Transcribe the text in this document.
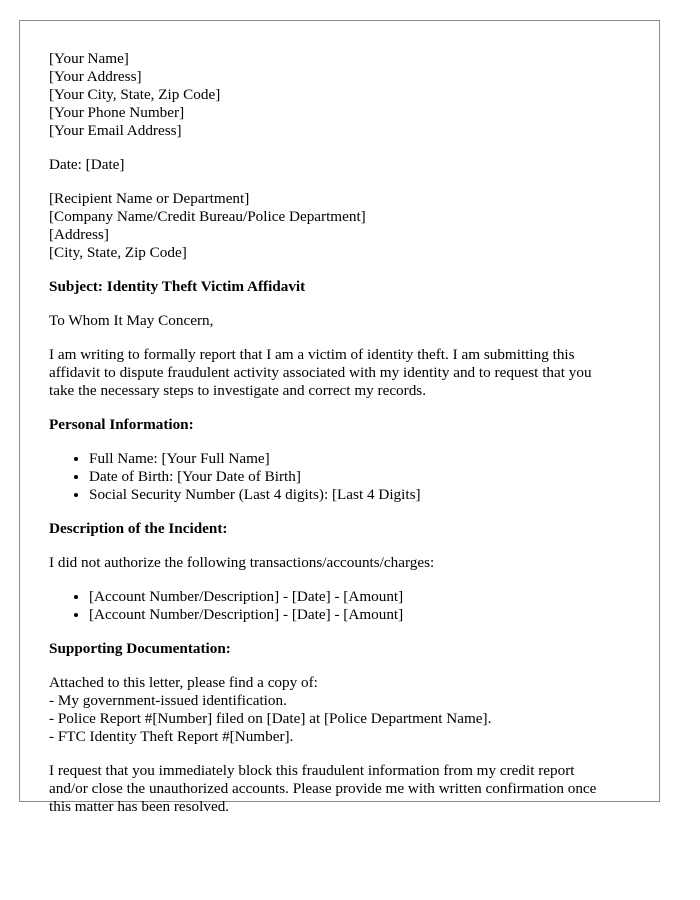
[Your Name]
[Your Address]
[Your City, State, Zip Code]
[Your Phone Number]
[Your Email Address]

Date: [Date]

[Recipient Name or Department]
[Company Name/Credit Bureau/Police Department]
[Address]
[City, State, Zip Code]

Subject: Identity Theft Victim Affidavit

To Whom It May Concern,

I am writing to formally report that I am a victim of identity theft. I am submitting this
affidavit to dispute fraudulent activity associated with my identity and to request that you
take the necessary steps to investigate and correct my records.

Personal Information:

• Full Name: [Your Full Name]
• Date of Birth: [Your Date of Birth]
• Social Security Number (Last 4 digits): [Last 4 Digits]

Description of the Incident:

I did not authorize the following transactions/accounts/charges:

• [Account Number/Description] - [Date] - [Amount]
• [Account Number/Description] - [Date] - [Amount]

Supporting Documentation:

Attached to this letter, please find a copy of:
- My government-issued identification.
- Police Report #[Number] filed on [Date] at [Police Department Name].
- FTC Identity Theft Report #[Number].
I request that you immediately block this fraudulent information from my credit report
and/or close the unauthorized accounts. Please provide me with written confirmation once
this matter has been resolved.
